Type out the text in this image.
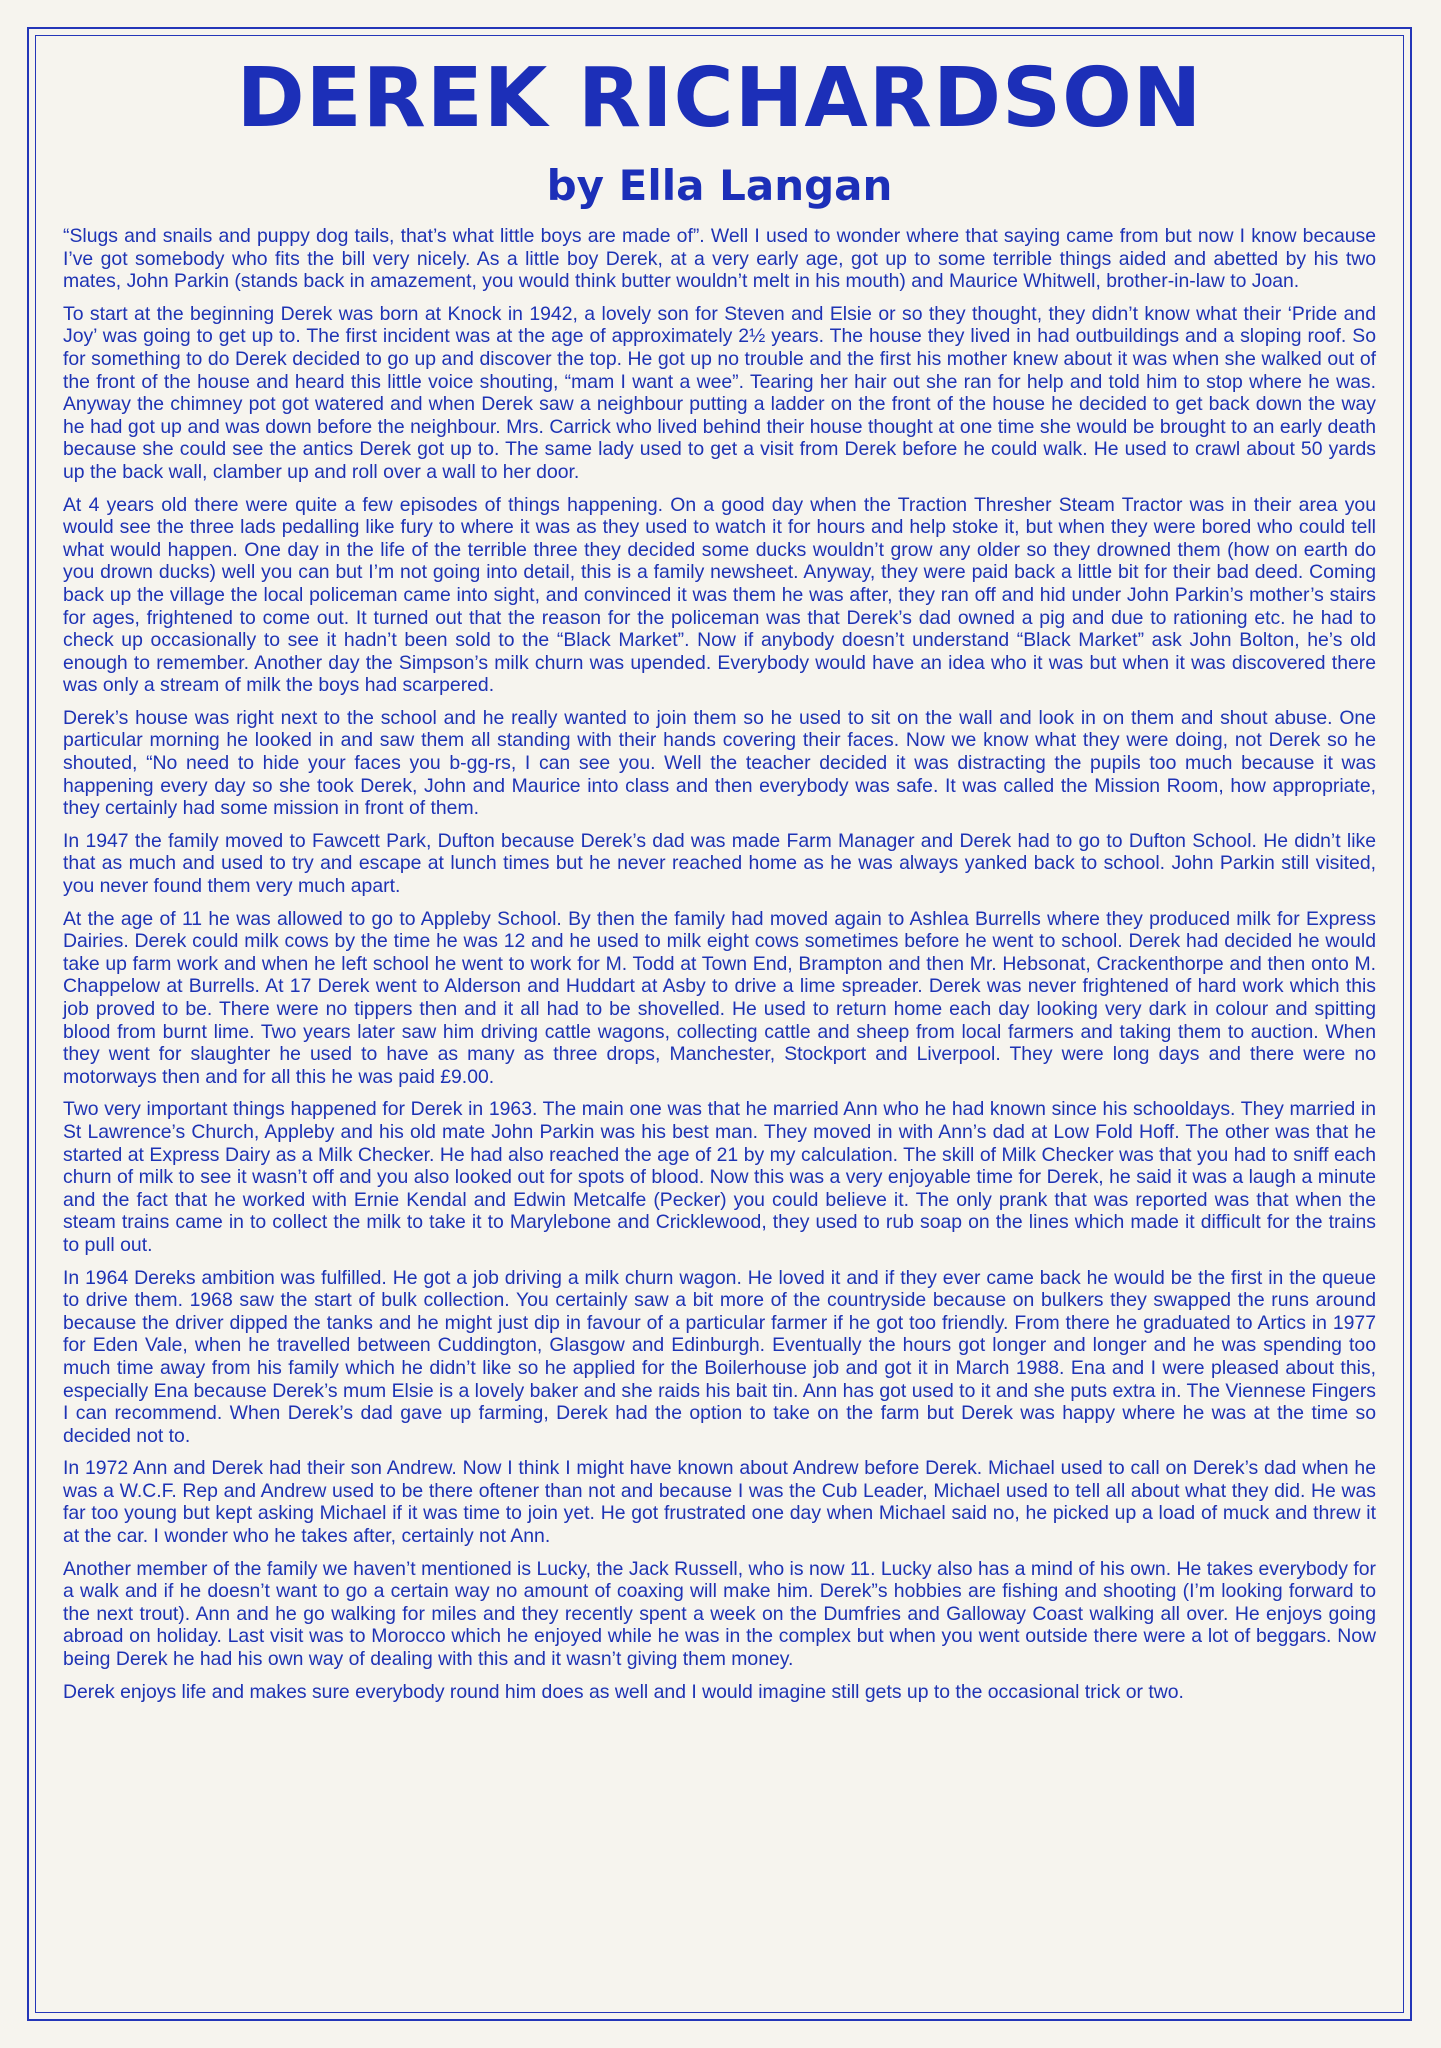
DEREK RICHARDSON
by Ella Langan

“Slugs and snails and puppy dog tails, that’s what little boys are made of”. Well I used to wonder where that saying came from but now I know because I’ve got somebody who fits the bill very nicely. As a little boy Derek, at a very early age, got up to some terrible things aided and abetted by his two mates, John Parkin (stands back in amazement, you would think butter wouldn’t melt in his mouth) and Maurice Whitwell, brother-in-law to Joan.

To start at the beginning Derek was born at Knock in 1942, a lovely son for Steven and Elsie or so they thought, they didn’t know what their ‘Pride and Joy’ was going to get up to. The first incident was at the age of approximately 2½ years. The house they lived in had outbuildings and a sloping roof. So for something to do Derek decided to go up and discover the top. He got up no trouble and the first his mother knew about it was when she walked out of the front of the house and heard this little voice shouting, “mam I want a wee”. Tearing her hair out she ran for help and told him to stop where he was. Anyway the chimney pot got watered and when Derek saw a neighbour putting a ladder on the front of the house he decided to get back down the way he had got up and was down before the neighbour. Mrs. Carrick who lived behind their house thought at one time she would be brought to an early death because she could see the antics Derek got up to. The same lady used to get a visit from Derek before he could walk. He used to crawl about 50 yards up the back wall, clamber up and roll over a wall to her door.

At 4 years old there were quite a few episodes of things happening. On a good day when the Traction Thresher Steam Tractor was in their area you would see the three lads pedalling like fury to where it was as they used to watch it for hours and help stoke it, but when they were bored who could tell what would happen. One day in the life of the terrible three they decided some ducks wouldn’t grow any older so they drowned them (how on earth do you drown ducks) well you can but I’m not going into detail, this is a family newsheet. Anyway, they were paid back a little bit for their bad deed. Coming back up the village the local policeman came into sight, and convinced it was them he was after, they ran off and hid under John Parkin’s mother’s stairs for ages, frightened to come out. It turned out that the reason for the policeman was that Derek’s dad owned a pig and due to rationing etc. he had to check up occasionally to see it hadn’t been sold to the “Black Market”. Now if anybody doesn’t understand “Black Market” ask John Bolton, he’s old enough to remember. Another day the Simpson’s milk churn was upended. Everybody would have an idea who it was but when it was discovered there was only a stream of milk the boys had scarpered.

Derek’s house was right next to the school and he really wanted to join them so he used to sit on the wall and look in on them and shout abuse. One particular morning he looked in and saw them all standing with their hands covering their faces. Now we know what they were doing, not Derek so he shouted, “No need to hide your faces you b-gg-rs, I can see you. Well the teacher decided it was distracting the pupils too much because it was happening every day so she took Derek, John and Maurice into class and then everybody was safe. It was called the Mission Room, how appropriate, they certainly had some mission in front of them.

In 1947 the family moved to Fawcett Park, Dufton because Derek’s dad was made Farm Manager and Derek had to go to Dufton School. He didn’t like that as much and used to try and escape at lunch times but he never reached home as he was always yanked back to school. John Parkin still visited, you never found them very much apart.

At the age of 11 he was allowed to go to Appleby School. By then the family had moved again to Ashlea Burrells where they produced milk for Express Dairies. Derek could milk cows by the time he was 12 and he used to milk eight cows sometimes before he went to school. Derek had decided he would take up farm work and when he left school he went to work for M. Todd at Town End, Brampton and then Mr. Hebsonat, Crackenthorpe and then onto M. Chappelow at Burrells. At 17 Derek went to Alderson and Huddart at Asby to drive a lime spreader. Derek was never frightened of hard work which this job proved to be. There were no tippers then and it all had to be shovelled. He used to return home each day looking very dark in colour and spitting blood from burnt lime. Two years later saw him driving cattle wagons, collecting cattle and sheep from local farmers and taking them to auction. When they went for slaughter he used to have as many as three drops, Manchester, Stockport and Liverpool. They were long days and there were no motorways then and for all this he was paid £9.00.

Two very important things happened for Derek in 1963. The main one was that he married Ann who he had known since his schooldays. They married in St Lawrence’s Church, Appleby and his old mate John Parkin was his best man. They moved in with Ann’s dad at Low Fold Hoff. The other was that he started at Express Dairy as a Milk Checker. He had also reached the age of 21 by my calculation. The skill of Milk Checker was that you had to sniff each churn of milk to see it wasn’t off and you also looked out for spots of blood. Now this was a very enjoyable time for Derek, he said it was a laugh a minute and the fact that he worked with Ernie Kendal and Edwin Metcalfe (Pecker) you could believe it. The only prank that was reported was that when the steam trains came in to collect the milk to take it to Marylebone and Cricklewood, they used to rub soap on the lines which made it difficult for the trains to pull out.

In 1964 Dereks ambition was fulfilled. He got a job driving a milk churn wagon. He loved it and if they ever came back he would be the first in the queue to drive them. 1968 saw the start of bulk collection. You certainly saw a bit more of the countryside because on bulkers they swapped the runs around because the driver dipped the tanks and he might just dip in favour of a particular farmer if he got too friendly. From there he graduated to Artics in 1977 for Eden Vale, when he travelled between Cuddington, Glasgow and Edinburgh. Eventually the hours got longer and longer and he was spending too much time away from his family which he didn’t like so he applied for the Boilerhouse job and got it in March 1988. Ena and I were pleased about this, especially Ena because Derek’s mum Elsie is a lovely baker and she raids his bait tin. Ann has got used to it and she puts extra in. The Viennese Fingers I can recommend. When Derek’s dad gave up farming, Derek had the option to take on the farm but Derek was happy where he was at the time so decided not to.

In 1972 Ann and Derek had their son Andrew. Now I think I might have known about Andrew before Derek. Michael used to call on Derek’s dad when he was a W.C.F. Rep and Andrew used to be there oftener than not and because I was the Cub Leader, Michael used to tell all about what they did. He was far too young but kept asking Michael if it was time to join yet. He got frustrated one day when Michael said no, he picked up a load of muck and threw it at the car. I wonder who he takes after, certainly not Ann.

Another member of the family we haven’t mentioned is Lucky, the Jack Russell, who is now 11. Lucky also has a mind of his own. He takes everybody for a walk and if he doesn’t want to go a certain way no amount of coaxing will make him. Derek”s hobbies are fishing and shooting (I’m looking forward to the next trout). Ann and he go walking for miles and they recently spent a week on the Dumfries and Galloway Coast walking all over. He enjoys going abroad on holiday. Last visit was to Morocco which he enjoyed while he was in the complex but when you went outside there were a lot of beggars. Now being Derek he had his own way of dealing with this and it wasn’t giving them money.

Derek enjoys life and makes sure everybody round him does as well and I would imagine still gets up to the occasional trick or two.
